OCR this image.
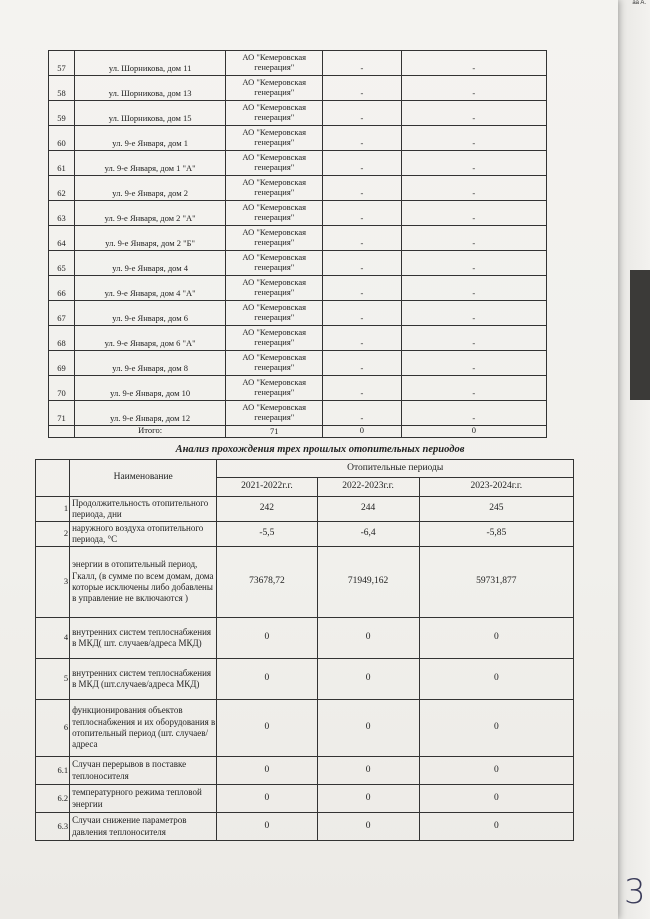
aa A.
57	ул. Шорникова, дом 11	АО "Кемеровская генерация"	-	-
58	ул. Шорникова, дом 13	АО "Кемеровская генерация"	-	-
59	ул. Шорникова, дом 15	АО "Кемеровская генерация"	-	-
60	ул. 9-е Января, дом 1	АО "Кемеровская генерация"	-	-
61	ул. 9-е Января, дом 1 "А"	АО "Кемеровская генерация"	-	-
62	ул. 9-е Января, дом 2	АО "Кемеровская генерация"	-	-
63	ул. 9-е Января, дом 2 "А"	АО "Кемеровская генерация"	-	-
64	ул. 9-е Января, дом 2 "Б"	АО "Кемеровская генерация"	-	-
65	ул. 9-е Января, дом 4	АО "Кемеровская генерация"	-	-
66	ул. 9-е Января, дом 4 "А"	АО "Кемеровская генерация"	-	-
67	ул. 9-е Января, дом 6	АО "Кемеровская генерация"	-	-
68	ул. 9-е Января, дом 6 "А"	АО "Кемеровская генерация"	-	-
69	ул. 9-е Января, дом 8	АО "Кемеровская генерация"	-	-
70	ул. 9-е Января, дом 10	АО "Кемеровская генерация"	-	-
71	ул. 9-е Января, дом 12	АО "Кемеровская генерация"	-	-
	Итого:	71	0	0
Анализ прохождения трех прошлых отопительных периодов
	Наименование	Отопительные периоды		
		2021-2022г.г.	2022-2023г.г.	2023-2024г.г.
1	Продолжительность отопительного периода, дни	242	244	245
2	наружного воздуха отопительного периода, °С	-5,5	-6,4	-5,85
3	энергии в отопительный период, Гкалл, (в сумме по всем домам, дома которые исключены либо добавлены в управление не включаются )	73678,72	71949,162	59731,877
4	внутренних систем теплоснабжения в МКД( шт. случаев/адреса МКД)	0	0	0
5	внутренних систем теплоснабжения в МКД (шт.случаев/адреса МКД)	0	0	0
6	функционирования объектов теплоснабжения и их оборудования в отопительный период (шт. случаев/адреса	0	0	0
6.1	Случан перерывов в поставке теплоносителя	0	0	0
6.2	температурного режима тепловой энергии	0	0	0
6.3	Случаи снижение параметров давления теплоносителя	0	0	0
3
